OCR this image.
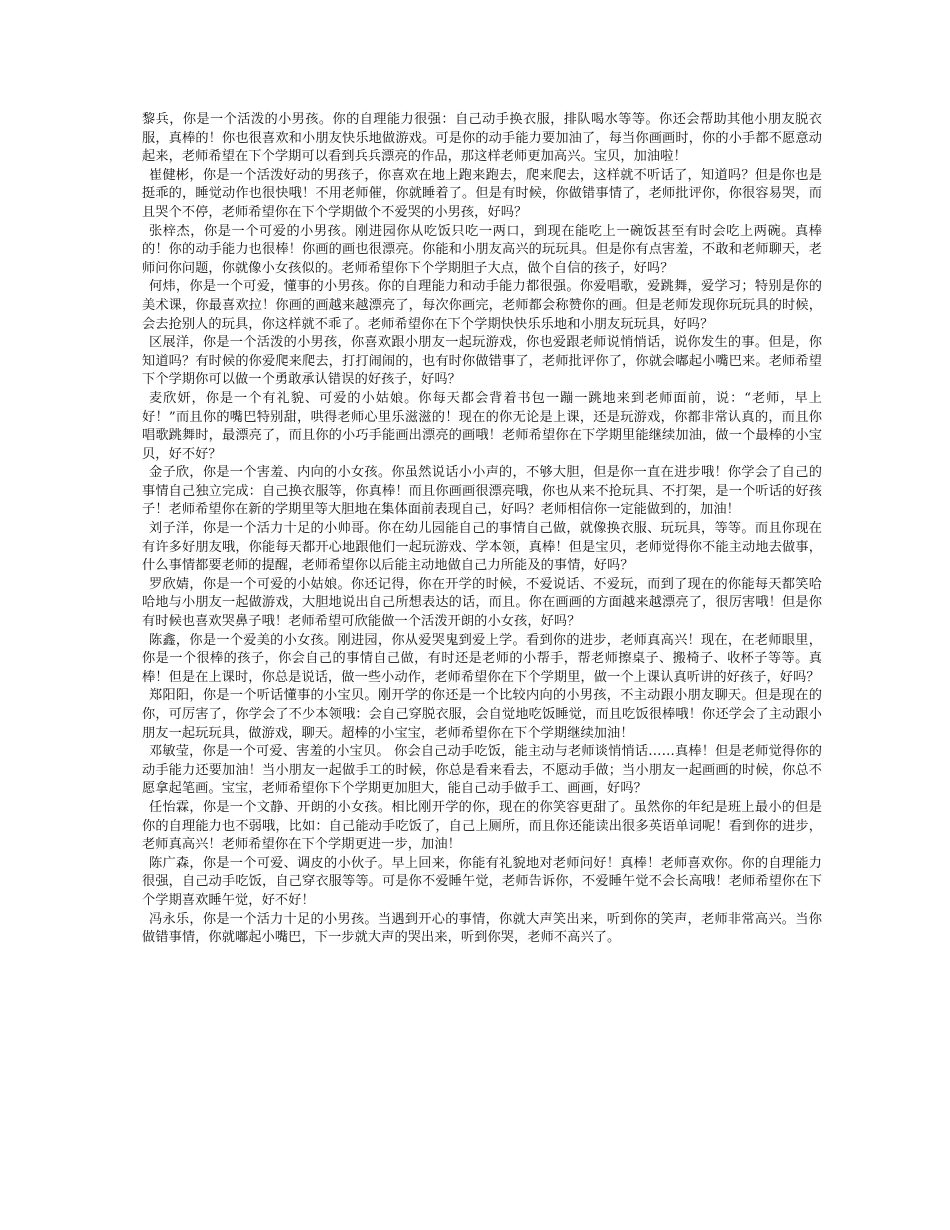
黎兵，你是一个活泼的小男孩。你的自理能力很强：自己动手换衣服，排队喝水等等。你还会帮助其他小朋友脱衣服，真棒的！你也很喜欢和小朋友快乐地做游戏。可是你的动手能力要加油了，每当你画画时，你的小手都不愿意动起来，老师希望在下个学期可以看到兵兵漂亮的作品，那这样老师更加高兴。宝贝，加油啦！

崔健彬，你是一个活泼好动的男孩子，你喜欢在地上跑来跑去，爬来爬去，这样就不听话了，知道吗？但是你也是挺乖的，睡觉动作也很快哦！不用老师催，你就睡着了。但是有时候，你做错事情了，老师批评你，你很容易哭，而且哭个不停，老师希望你在下个学期做个不爱哭的小男孩，好吗？

张梓杰，你是一个可爱的小男孩。刚进园你从吃饭只吃一两口，到现在能吃上一碗饭甚至有时会吃上两碗。真棒的！你的动手能力也很棒！你画的画也很漂亮。你能和小朋友高兴的玩玩具。但是你有点害羞，不敢和老师聊天，老师问你问题，你就像小女孩似的。老师希望你下个学期胆子大点，做个自信的孩子，好吗？

何炜，你是一个可爱，懂事的小男孩。你的自理能力和动手能力都很强。你爱唱歌，爱跳舞，爱学习；特别是你的美术课，你最喜欢拉！你画的画越来越漂亮了，每次你画完，老师都会称赞你的画。但是老师发现你玩玩具的时候，会去抢别人的玩具，你这样就不乖了。老师希望你在下个学期快快乐乐地和小朋友玩玩具，好吗？

区展洋，你是一个活泼的小男孩，你喜欢跟小朋友一起玩游戏，你也爱跟老师说悄悄话，说你发生的事。但是，你知道吗？有时候的你爱爬来爬去，打打闹闹的，也有时你做错事了，老师批评你了，你就会嘟起小嘴巴来。老师希望下个学期你可以做一个勇敢承认错误的好孩子，好吗？

麦欣妍，你是一个有礼貌、可爱的小姑娘。你每天都会背着书包一蹦一跳地来到老师面前，说：“老师，早上好！”而且你的嘴巴特别甜，哄得老师心里乐滋滋的！现在的你无论是上课，还是玩游戏，你都非常认真的，而且你唱歌跳舞时，最漂亮了，而且你的小巧手能画出漂亮的画哦！老师希望你在下学期里能继续加油，做一个最棒的小宝贝，好不好？

金子欣，你是一个害羞、内向的小女孩。你虽然说话小小声的，不够大胆，但是你一直在进步哦！你学会了自己的事情自己独立完成：自己换衣服等，你真棒！而且你画画很漂亮哦，你也从来不抢玩具、不打架，是一个听话的好孩子！老师希望你在新的学期里等大胆地在集体面前表现自己，好吗？老师相信你一定能做到的，加油！

刘子洋，你是一个活力十足的小帅哥。你在幼儿园能自己的事情自己做，就像换衣服、玩玩具，等等。而且你现在有许多好朋友哦，你能每天都开心地跟他们一起玩游戏、学本领，真棒！但是宝贝，老师觉得你不能主动地去做事，什么事情都要老师的提醒，老师希望你以后能主动地做自己力所能及的事情，好吗？

罗欣婧，你是一个可爱的小姑娘。你还记得，你在开学的时候，不爱说话、不爱玩，而到了现在的你能每天都笑哈哈地与小朋友一起做游戏，大胆地说出自己所想表达的话，而且。你在画画的方面越来越漂亮了，很厉害哦！但是你有时候也喜欢哭鼻子哦！老师希望可欣能做一个活泼开朗的小女孩，好吗？

陈鑫，你是一个爱美的小女孩。刚进园，你从爱哭鬼到爱上学。看到你的进步，老师真高兴！现在，在老师眼里，你是一个很棒的孩子，你会自己的事情自己做，有时还是老师的小帮手，帮老师擦桌子、搬椅子、收杯子等等。真棒！但是在上课时，你总是说话，做一些小动作，老师希望你在下个学期里，做一个上课认真听讲的好孩子，好吗？

郑阳阳，你是一个听话懂事的小宝贝。刚开学的你还是一个比较内向的小男孩，不主动跟小朋友聊天。但是现在的你，可厉害了，你学会了不少本领哦：会自己穿脱衣服，会自觉地吃饭睡觉，而且吃饭很棒哦！你还学会了主动跟小朋友一起玩玩具，做游戏，聊天。超棒的小宝宝，老师希望你在下个学期继续加油！

邓敏莹，你是一个可爱、害羞的小宝贝。 你会自己动手吃饭，能主动与老师谈悄悄话……真棒！但是老师觉得你的动手能力还要加油！当小朋友一起做手工的时候，你总是看来看去，不愿动手做；当小朋友一起画画的时候，你总不愿拿起笔画。宝宝，老师希望你下个学期更加胆大，能自己动手做手工、画画，好吗？

任怡霖，你是一个文静、开朗的小女孩。相比刚开学的你，现在的你笑容更甜了。虽然你的年纪是班上最小的但是你的自理能力也不弱哦，比如：自己能动手吃饭了，自己上厕所，而且你还能读出很多英语单词呢！看到你的进步，老师真高兴！老师希望你在下个学期更进一步，加油！

陈广森，你是一个可爱、调皮的小伙子。早上回来，你能有礼貌地对老师问好！真棒！老师喜欢你。你的自理能力很强，自己动手吃饭，自己穿衣服等等。可是你不爱睡午觉，老师告诉你，不爱睡午觉不会长高哦！老师希望你在下个学期喜欢睡午觉，好不好！

冯永乐，你是一个活力十足的小男孩。当遇到开心的事情，你就大声笑出来，听到你的笑声，老师非常高兴。当你做错事情，你就嘟起小嘴巴，下一步就大声的哭出来，听到你哭，老师不高兴了。
